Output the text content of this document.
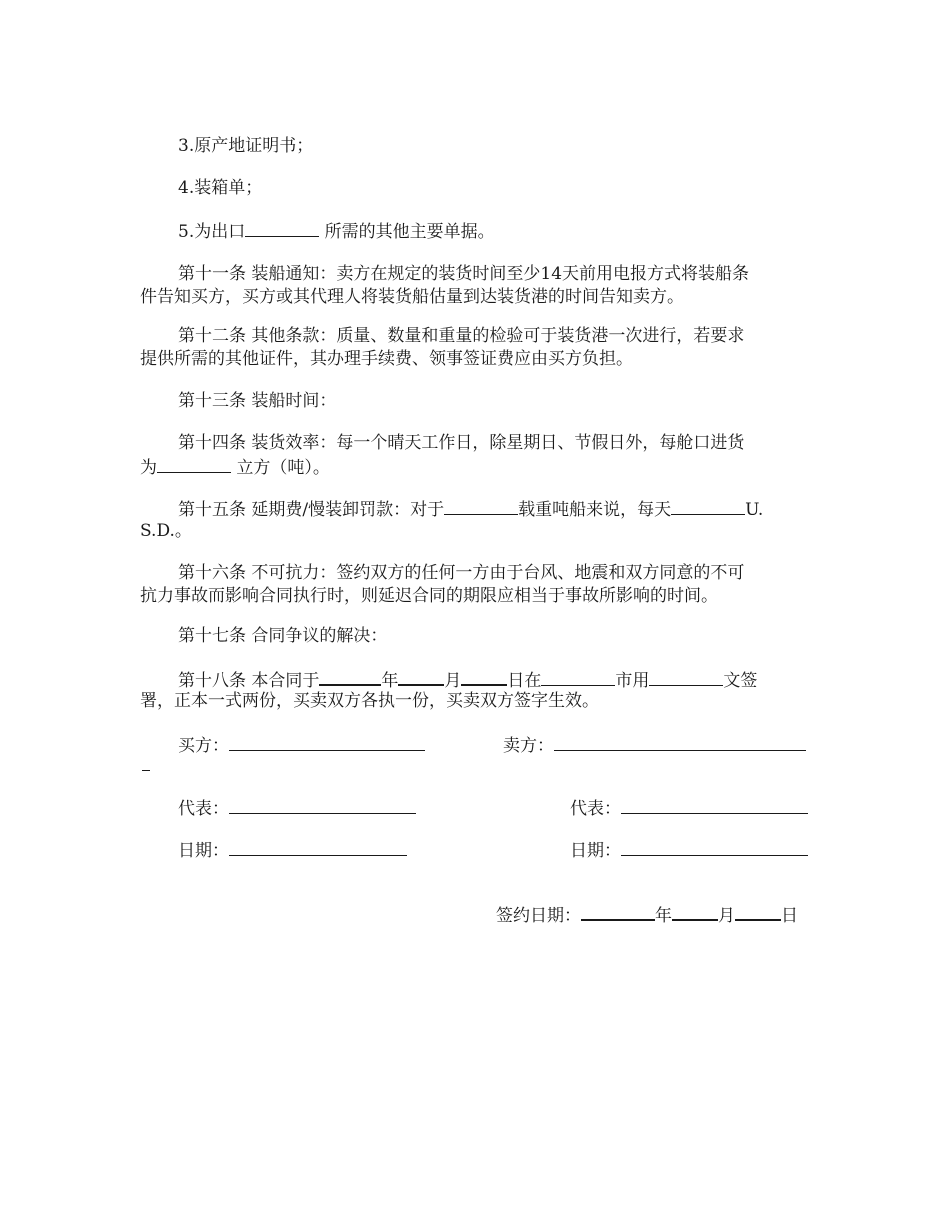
3.原产地证明书；
4.装箱单；
5.为出口	所需的其他主要单据。
第十一条 装船通知：卖方在规定的装货时间至少14天前用电报方式将装船条
件告知买方，买方或其代理人将装货船估量到达装货港的时间告知卖方。
第十二条 其他条款：质量、数量和重量的检验可于装货港一次进行，若要求
提供所需的其他证件，其办理手续费、领事签证费应由买方负担。
第十三条 装船时间：
第十四条 装货效率：每一个晴天工作日，除星期日、节假日外，每舱口进货
为	立方（吨）。
第十五条 延期费/慢装卸罚款：对于	载重吨船来说，每天	U.
S.D.。
第十六条 不可抗力：签约双方的任何一方由于台风、地震和双方同意的不可
抗力事故而影响合同执行时，则延迟合同的期限应相当于事故所影响的时间。
第十七条 合同争议的解决：
第十八条 本合同于	年	月	日在	市用	文签
署，正本一式两份，买卖双方各执一份，买卖双方签字生效。
买方：	卖方：
代表：	代表：
日期：	日期：
签约日期：	年	月	日
